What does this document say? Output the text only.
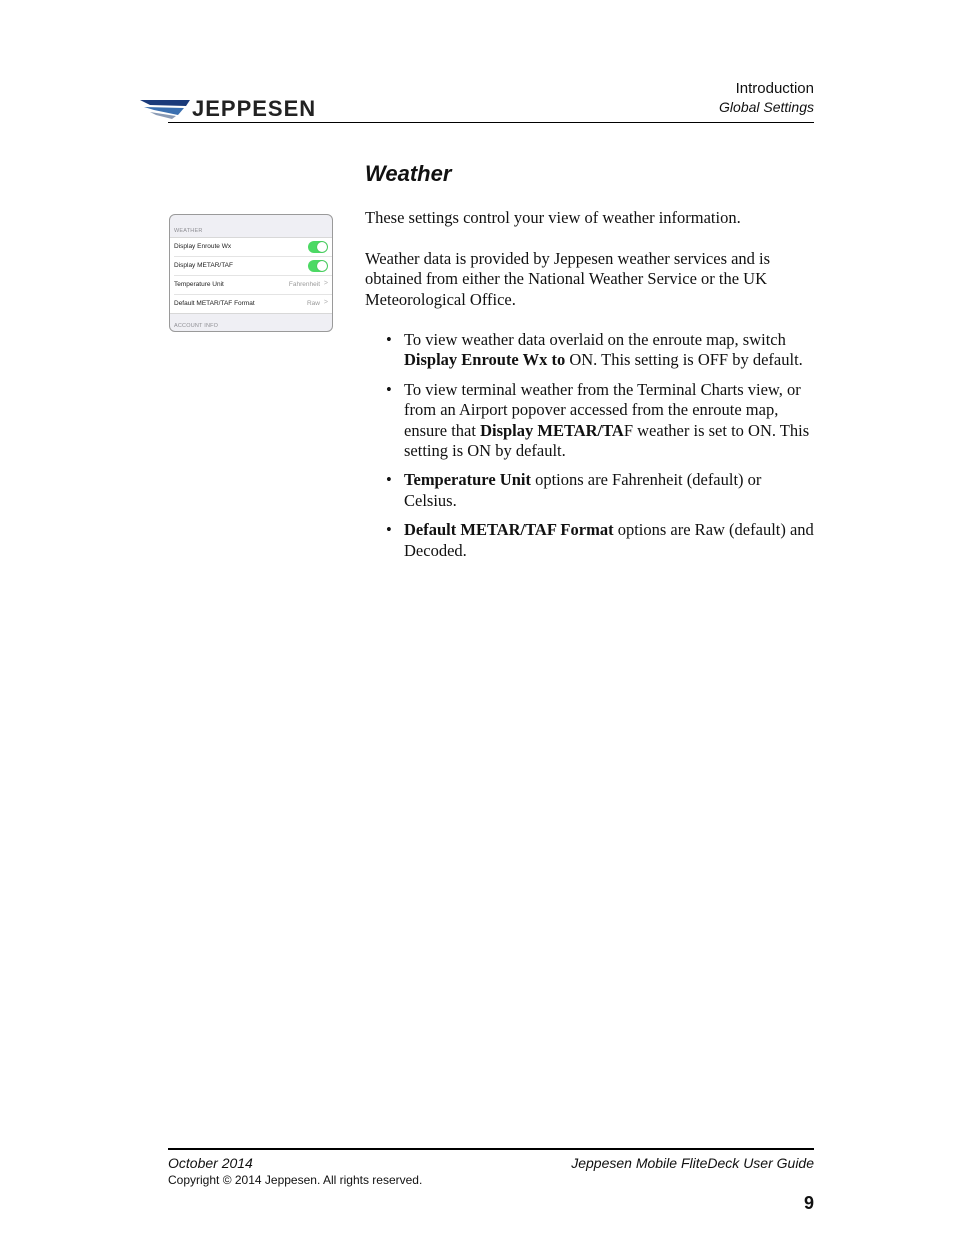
JEPPESEN
Introduction
Global Settings
Weather
WEATHER
Display Enroute Wx
Display METAR/TAF
Temperature Unit	Fahrenheit >
Default METAR/TAF Format	Raw >
ACCOUNT INFO
These settings control your view of weather information.
Weather data is provided by Jeppesen weather services and is obtained from either the National Weather Service or the UK Meteorological Office.
• To view weather data overlaid on the enroute map, switch Display Enroute Wx to ON. This setting is OFF by default.
• To view terminal weather from the Terminal Charts view, or from an Airport popover accessed from the enroute map, ensure that Display METAR/TAF weather is set to ON. This setting is ON by default.
• Temperature Unit options are Fahrenheit (default) or Celsius.
• Default METAR/TAF Format options are Raw (default) and Decoded.
October 2014	Jeppesen Mobile FliteDeck User Guide
Copyright © 2014 Jeppesen. All rights reserved.
9
